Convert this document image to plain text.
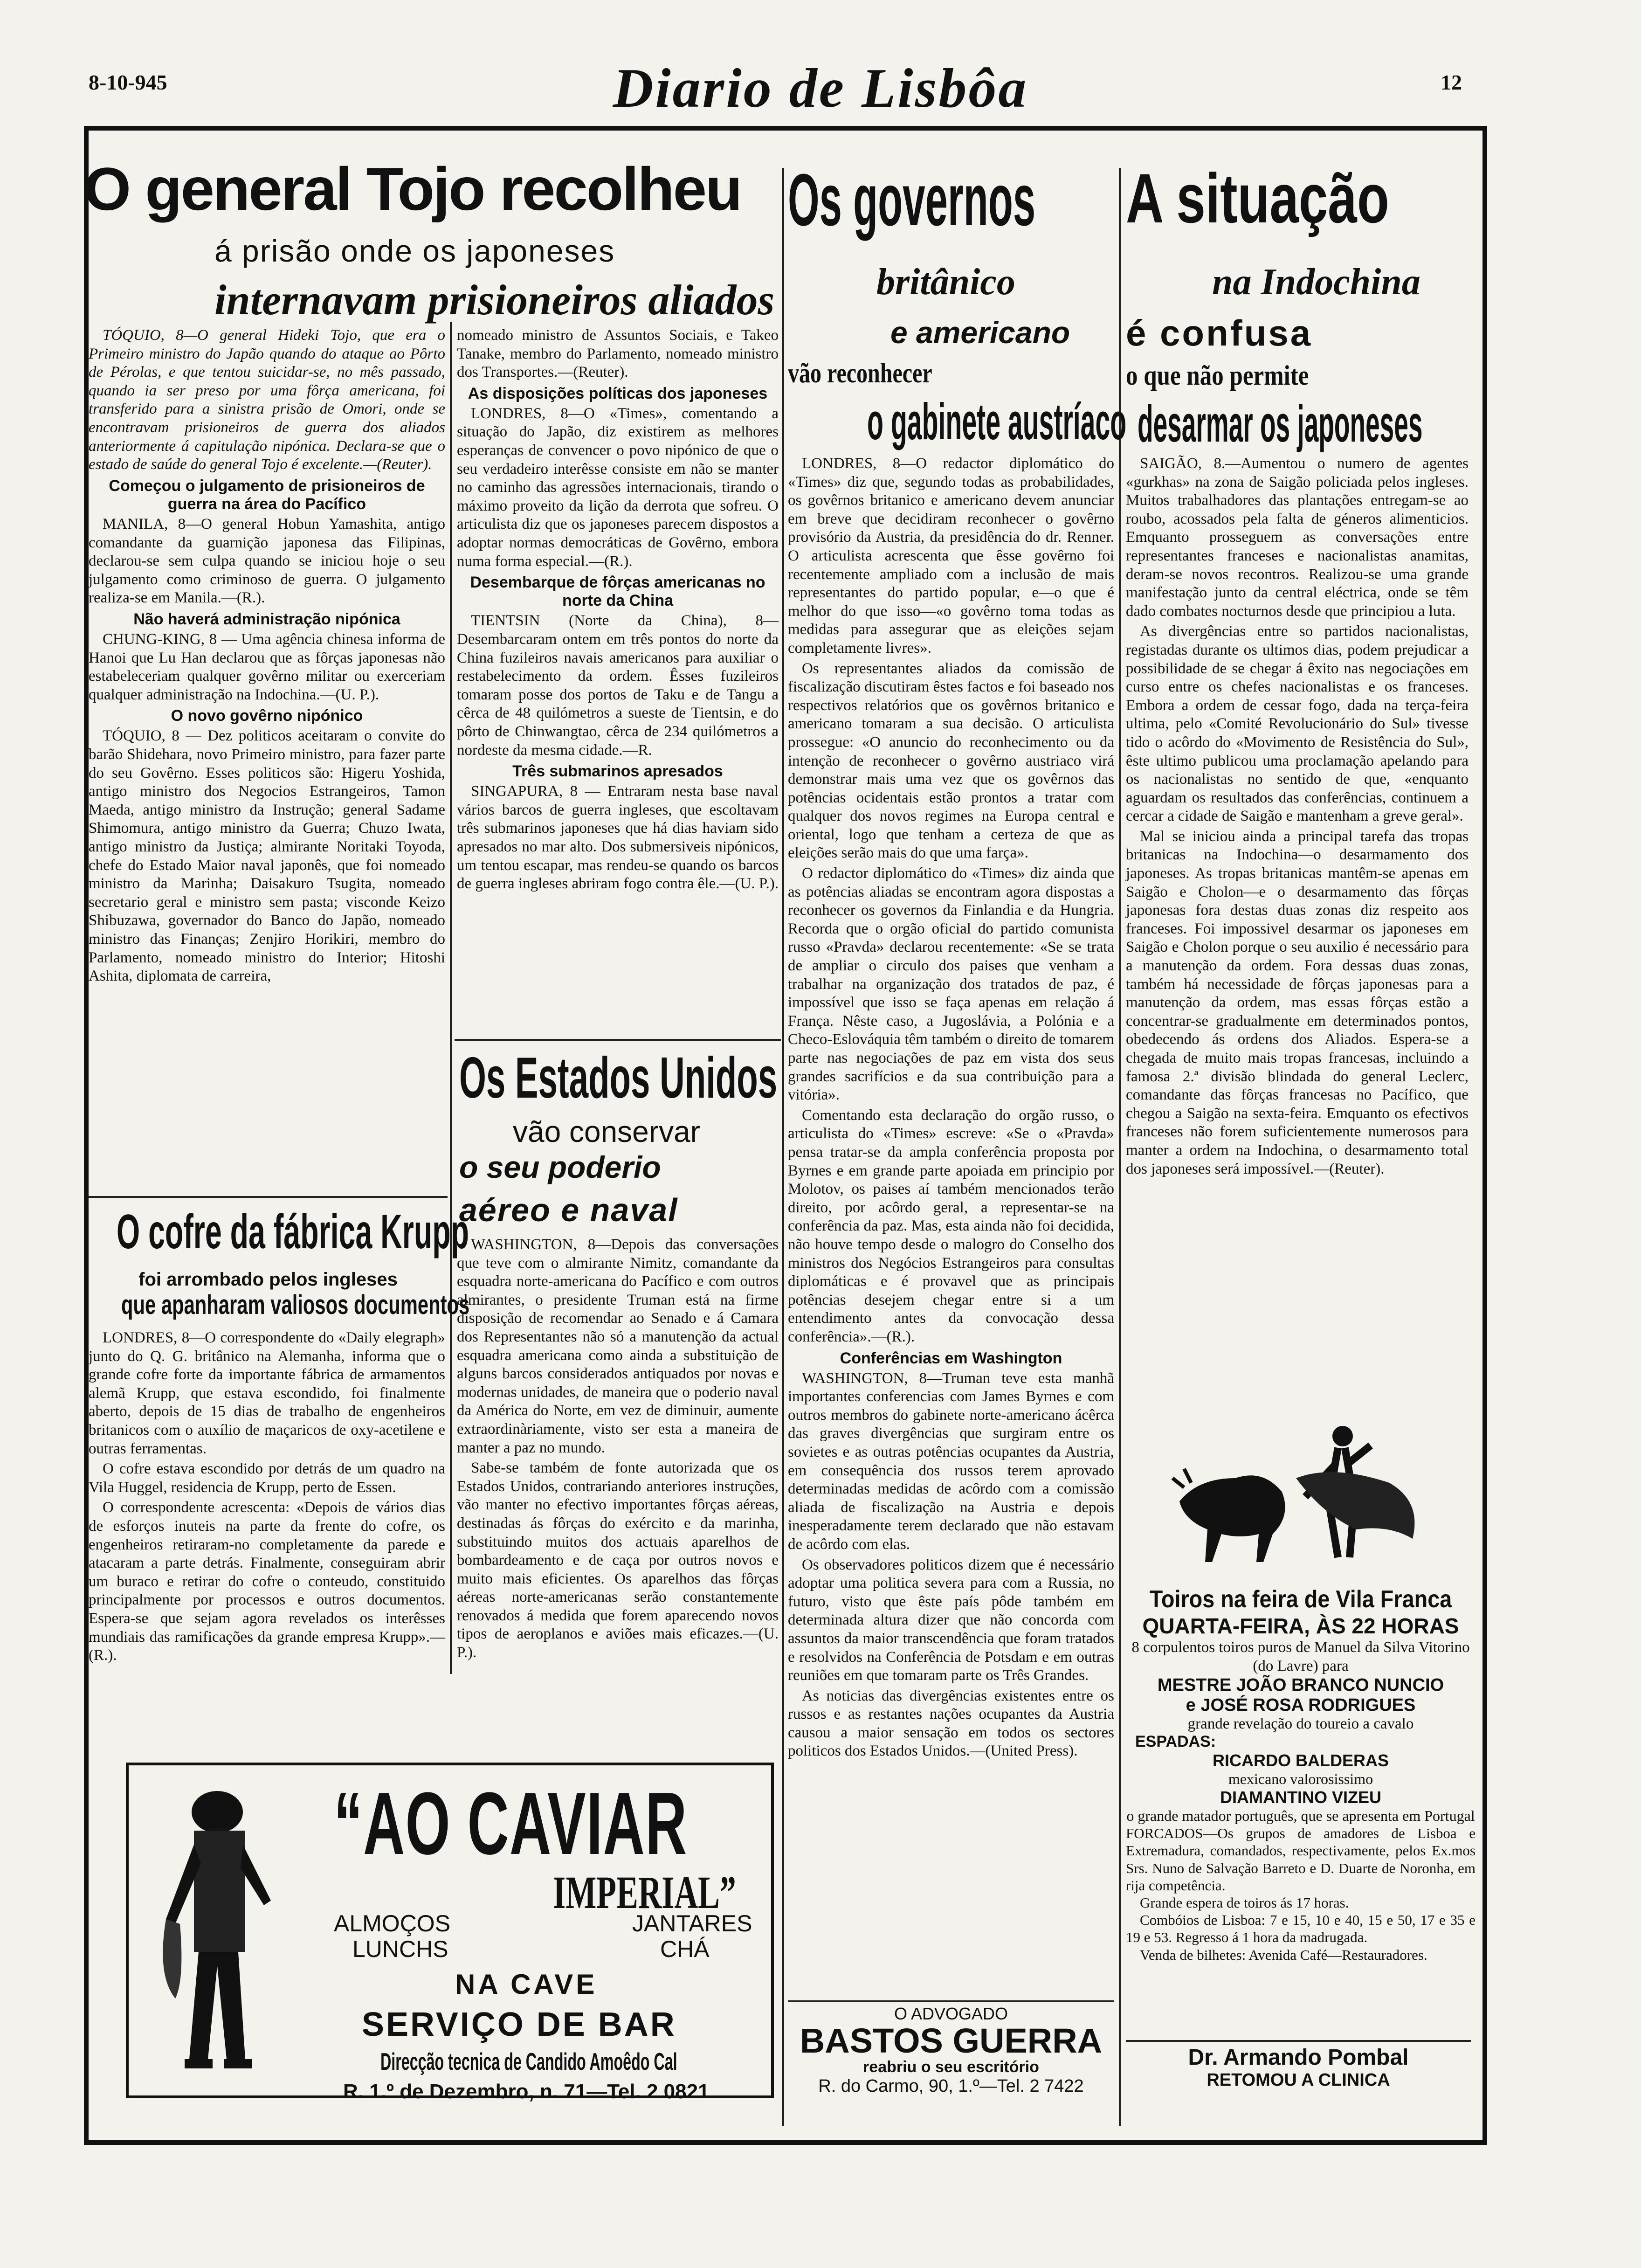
8-10-945	Diario de Lisbôa	12
O general Tojo recolheu
á prisão onde os japoneses
internavam prisioneiros aliados

TÓQUIO, 8—O general Hideki Tojo, que era o Primeiro ministro do Japão quando do ataque ao Pôrto de Pérolas, e que tentou suicidar-se, no mês passado, quando ia ser preso por uma fôrça americana, foi transferido para a sinistra prisão de Omori, onde se encontravam prisioneiros de guerra dos aliados anteriormente á capitulação nipónica. Declara-se que o estado de saúde do general Tojo é excelente.—(Reuter).

Começou o julgamento de prisioneiros de guerra na área do Pacífico

MANILA, 8—O general Hobun Yamashita, antigo comandante da guarnição japonesa das Filipinas, declarou-se sem culpa quando se iniciou hoje o seu julgamento como criminoso de guerra. O julgamento realiza-se em Manila.—(R.).

Não haverá administração nipónica

CHUNG-KING, 8 — Uma agência chinesa informa de Hanoi que Lu Han declarou que as fôrças japonesas não estabeleceriam qualquer govêrno militar ou exerceriam qualquer administração na Indochina.—(U. P.).

O novo govêrno nipónico

TÓQUIO, 8 — Dez politicos aceitaram o convite do barão Shidehara, novo Primeiro ministro, para fazer parte do seu Govêrno. Esses politicos são: Higeru Yoshida, antigo ministro dos Negocios Estrangeiros, Tamon Maeda, antigo ministro da Instrução; general Sadame Shimomura, antigo ministro da Guerra; Chuzo Iwata, antigo ministro da Justiça; almirante Noritaki Toyoda, chefe do Estado Maior naval japonês, que foi nomeado ministro da Marinha; Daisakuro Tsugita, nomeado secretario geral e ministro sem pasta; visconde Keizo Shibuzawa, governador do Banco do Japão, nomeado ministro das Finanças; Zenjiro Horikiri, membro do Parlamento, nomeado ministro do Interior; Hitoshi Ashita, diplomata de carreira,

nomeado ministro de Assuntos Sociais, e Takeo Tanake, membro do Parlamento, nomeado ministro dos Transportes.—(Reuter).

As disposições políticas dos japoneses

LONDRES, 8—O «Times», comentando a situação do Japão, diz existirem as melhores esperanças de convencer o povo nipónico de que o seu verdadeiro interêsse consiste em não se manter no caminho das agressões internacionais, tirando o máximo proveito da lição da derrota que sofreu. O articulista diz que os japoneses parecem dispostos a adoptar normas democráticas de Govêrno, embora numa forma especial.—(R.).

Desembarque de fôrças americanas no norte da China

TIENTSIN (Norte da China), 8—Desembarcaram ontem em três pontos do norte da China fuzileiros navais americanos para auxiliar o restabelecimento da ordem. Êsses fuzileiros tomaram posse dos portos de Taku e de Tangu a cêrca de 48 quilómetros a sueste de Tientsin, e do pôrto de Chinwangtao, cêrca de 234 quilómetros a nordeste da mesma cidade.—R.

Três submarinos apresados

SINGAPURA, 8 — Entraram nesta base naval vários barcos de guerra ingleses, que escoltavam três submarinos japoneses que há dias haviam sido apresados no mar alto. Dos submersiveis nipónicos, um tentou escapar, mas rendeu-se quando os barcos de guerra ingleses abriram fogo contra êle.—(U. P.).

O cofre da fábrica Krupp
foi arrombado pelos ingleses
que apanharam valiosos documentos

LONDRES, 8—O correspondente do «Daily elegraph» junto do Q. G. britânico na Alemanha, informa que o grande cofre forte da importante fábrica de armamentos alemã Krupp, que estava escondido, foi finalmente aberto, depois de 15 dias de trabalho de engenheiros britanicos com o auxílio de maçaricos de oxy-acetilene e outras ferramentas.

O cofre estava escondido por detrás de um quadro na Vila Huggel, residencia de Krupp, perto de Essen.

O correspondente acrescenta: «Depois de vários dias de esforços inuteis na parte da frente do cofre, os engenheiros retiraram-no completamente da parede e atacaram a parte detrás. Finalmente, conseguiram abrir um buraco e retirar do cofre o conteudo, constituido principalmente por processos e outros documentos. Espera-se que sejam agora revelados os interêsses mundiais das ramificações da grande empresa Krupp».—(R.).

Os Estados Unidos
vão conservar
o seu poderio
aéreo e naval

WASHINGTON, 8—Depois das conversações que teve com o almirante Nimitz, comandante da esquadra norte-americana do Pacífico e com outros almirantes, o presidente Truman está na firme disposição de recomendar ao Senado e á Camara dos Representantes não só a manutenção da actual esquadra americana como ainda a substituição de alguns barcos considerados antiquados por novas e modernas unidades, de maneira que o poderio naval da América do Norte, em vez de diminuir, aumente extraordinàriamente, visto ser esta a maneira de manter a paz no mundo.

Sabe-se também de fonte autorizada que os Estados Unidos, contrariando anteriores instruções, vão manter no efectivo importantes fôrças aéreas, destinadas ás fôrças do exército e da marinha, substituindo muitos dos actuais aparelhos de bombardeamento e de caça por outros novos e muito mais eficientes. Os aparelhos das fôrças aéreas norte-americanas serão constantemente renovados á medida que forem aparecendo novos tipos de aeroplanos e aviões mais eficazes.—(U. P.).

Os governos
britânico
e americano
vão reconhecer
o gabinete austríaco

LONDRES, 8—O redactor diplomático do «Times» diz que, segundo todas as probabilidades, os govêrnos britanico e americano devem anunciar em breve que decidiram reconhecer o govêrno provisório da Austria, da presidência do dr. Renner. O articulista acrescenta que êsse govêrno foi recentemente ampliado com a inclusão de mais representantes do partido popular, e—o que é melhor do que isso—«o govêrno toma todas as medidas para assegurar que as eleições sejam completamente livres».

Os representantes aliados da comissão de fiscalização discutiram êstes factos e foi baseado nos respectivos relatórios que os govêrnos britanico e americano tomaram a sua decisão. O articulista prossegue: «O anuncio do reconhecimento ou da intenção de reconhecer o govêrno austriaco virá demonstrar mais uma vez que os govêrnos das potências ocidentais estão prontos a tratar com qualquer dos novos regimes na Europa central e oriental, logo que tenham a certeza de que as eleições serão mais do que uma farça».

O redactor diplomático do «Times» diz ainda que as potências aliadas se encontram agora dispostas a reconhecer os governos da Finlandia e da Hungria. Recorda que o orgão oficial do partido comunista russo «Pravda» declarou recentemente: «Se se trata de ampliar o circulo dos paises que venham a trabalhar na organização dos tratados de paz, é impossível que isso se faça apenas em relação á França. Nêste caso, a Jugoslávia, a Polónia e a Checo-Eslováquia têm também o direito de tomarem parte nas negociações de paz em vista dos seus grandes sacrifícios e da sua contribuição para a vitória».

Comentando esta declaração do orgão russo, o articulista do «Times» escreve: «Se o «Pravda» pensa tratar-se da ampla conferência proposta por Byrnes e em grande parte apoiada em principio por Molotov, os paises aí também mencionados terão direito, por acôrdo geral, a representar-se na conferência da paz. Mas, esta ainda não foi decidida, não houve tempo desde o malogro do Conselho dos ministros dos Negócios Estrangeiros para consultas diplomáticas e é provavel que as principais potências desejem chegar entre si a um entendimento antes da convocação dessa conferência».—(R.).

Conferências em Washington

WASHINGTON, 8—Truman teve esta manhã importantes conferencias com James Byrnes e com outros membros do gabinete norte-americano ácêrca das graves divergências que surgiram entre os sovietes e as outras potências ocupantes da Austria, em consequência dos russos terem aprovado determinadas medidas de acôrdo com a comissão aliada de fiscalização na Austria e depois inesperadamente terem declarado que não estavam de acôrdo com elas.

Os observadores politicos dizem que é necessário adoptar uma politica severa para com a Russia, no futuro, visto que êste país pôde também em determinada altura dizer que não concorda com assuntos da maior transcendência que foram tratados e resolvidos na Conferência de Potsdam e em outras reuniões em que tomaram parte os Três Grandes.

As noticias das divergências existentes entre os russos e as restantes nações ocupantes da Austria causou a maior sensação em todos os sectores politicos dos Estados Unidos.—(United Press).

A situação
na Indochina
é confusa
o que não permite
desarmar os japoneses

SAIGÃO, 8.—Aumentou o numero de agentes «gurkhas» na zona de Saigão policiada pelos ingleses. Muitos trabalhadores das plantações entregam-se ao roubo, acossados pela falta de géneros alimenticios. Emquanto prosseguem as conversações entre representantes franceses e nacionalistas anamitas, deram-se novos recontros. Realizou-se uma grande manifestação junto da central eléctrica, onde se têm dado combates nocturnos desde que principiou a luta.

As divergências entre so partidos nacionalistas, registadas durante os ultimos dias, podem prejudicar a possibilidade de se chegar á êxito nas negociações em curso entre os chefes nacionalistas e os franceses. Embora a ordem de cessar fogo, dada na terça-feira ultima, pelo «Comité Revolucionário do Sul» tivesse tido o acôrdo do «Movimento de Resistência do Sul», êste ultimo publicou uma proclamação apelando para os nacionalistas no sentido de que, «enquanto aguardam os resultados das conferências, continuem a cercar a cidade de Saigão e mantenham a greve geral».

Mal se iniciou ainda a principal tarefa das tropas britanicas na Indochina—o desarmamento dos japoneses. As tropas britanicas mantêm-se apenas em Saigão e Cholon—e o desarmamento das fôrças japonesas fora destas duas zonas diz respeito aos franceses. Foi impossivel desarmar os japoneses em Saigão e Cholon porque o seu auxilio é necessário para a manutenção da ordem. Fora dessas duas zonas, também há necessidade de fôrças japonesas para a manutenção da ordem, mas essas fôrças estão a concentrar-se gradualmente em determinados pontos, obedecendo ás ordens dos Aliados. Espera-se a chegada de muito mais tropas francesas, incluindo a famosa 2.ª divisão blindada do general Leclerc, comandante das fôrças francesas no Pacífico, que chegou a Saigão na sexta-feira. Emquanto os efectivos franceses não forem suficientemente numerosos para manter a ordem na Indochina, o desarmamento total dos japoneses será impossível.—(Reuter).

Toiros na feira de Vila Franca
QUARTA-FEIRA, ÀS 22 HORAS
8 corpulentos toiros puros de Manuel da Silva Vitorino (do Lavre) para
MESTRE JOÃO BRANCO NUNCIO
e JOSÉ ROSA RODRIGUES
grande revelação do toureio a cavalo
ESPADAS:
RICARDO BALDERAS
mexicano valorosissimo
DIAMANTINO VIZEU
o grande matador português, que se apresenta em Portugal
FORCADOS—Os grupos de amadores de Lisboa e Extremadura, comandados, respectivamente, pelos Ex.mos Srs. Nuno de Salvação Barreto e D. Duarte de Noronha, em rija competência.
Grande espera de toiros ás 17 horas.
Combóios de Lisboa: 7 e 15, 10 e 40, 15 e 50, 17 e 35 e 19 e 53. Regresso á 1 hora da madrugada.
Venda de bilhetes: Avenida Café—Restauradores.
Dr. Armando Pombal
RETOMOU A CLINICA
O ADVOGADO
BASTOS GUERRA
reabriu o seu escritório
R. do Carmo, 90, 1.º—Tel. 2 7422
“AO CAVIAR
IMPERIAL”
ALMOÇOS
LUNCHS
JANTARES
CHÁ
NA CAVE
SERVIÇO DE BAR
Direcção tecnica de Candido Amoêdo Cal
R. 1.º de Dezembro, n. 71—Tel. 2 0821
